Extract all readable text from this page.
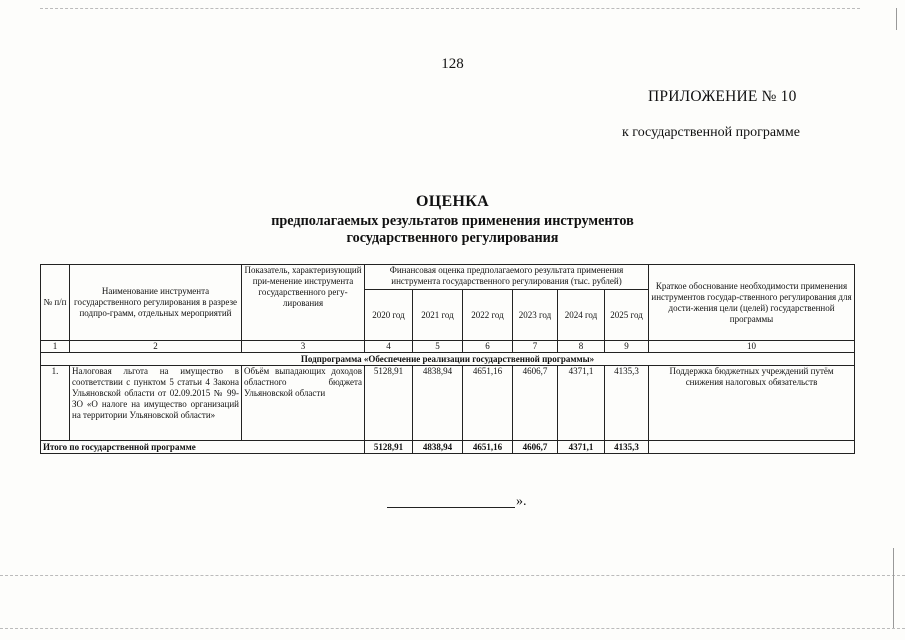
128
ПРИЛОЖЕНИЕ № 10
к государственной программе
ОЦЕНКА
предполагаемых результатов применения инструментов
государственного регулирования
№ п/п	Наименование инструмента государственного регулирования в разрезе подпро-грамм, отдельных мероприятий	Показатель, характеризующий при-менение инструмента государственного регу-лирования	Финансовая оценка предполагаемого результата применения инструмента государственного регулирования (тыс. рублей)						Краткое обоснование необходимости применения инструментов государ-ственного регулирования для дости-жения цели (целей) государственной программы
			2020 год	2021 год	2022 год	2023 год	2024 год	2025 год	
1	2	3	4	5	6	7	8	9	10
Подпрограмма «Обеспечение реализации государственной программы»									
1.	Налоговая льгота на имущество в соответствии с пунктом 5 статьи 4 Закона Ульяновской области от 02.09.2015 № 99-ЗО «О налоге на имущество организаций на территории Ульяновской области»	Объём выпадающих доходов областного бюджета Ульяновской области	5128,91	4838,94	4651,16	4606,7	4371,1	4135,3	Поддержка бюджетных учреждений путём снижения налоговых обязательств
Итого по государственной программе			5128,91	4838,94	4651,16	4606,7	4371,1	4135,3	
».
